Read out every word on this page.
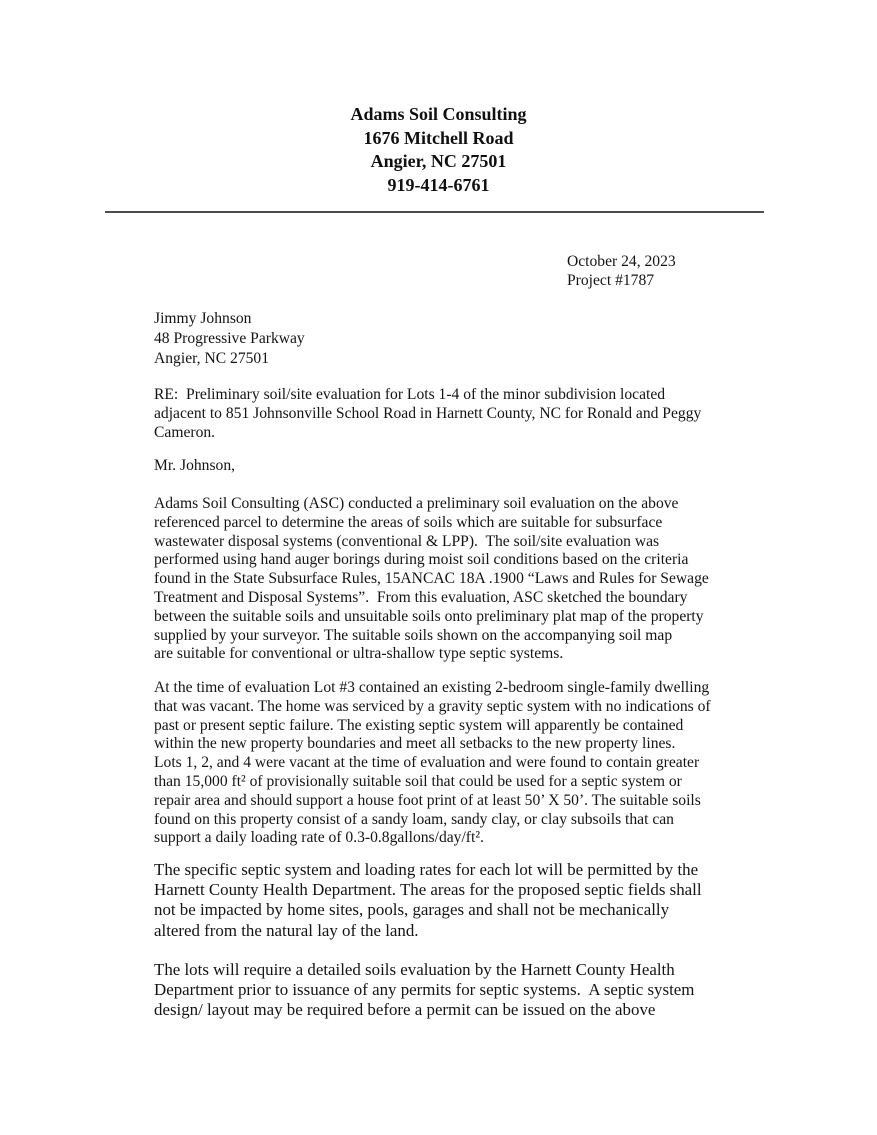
Adams Soil Consulting
1676 Mitchell Road
Angier, NC 27501
919-414-6761
October 24, 2023
Project #1787
Jimmy Johnson
48 Progressive Parkway
Angier, NC 27501

RE:  Preliminary soil/site evaluation for Lots 1-4 of the minor subdivision located
adjacent to 851 Johnsonville School Road in Harnett County, NC for Ronald and Peggy
Cameron.

Mr. Johnson,

Adams Soil Consulting (ASC) conducted a preliminary soil evaluation on the above
referenced parcel to determine the areas of soils which are suitable for subsurface
wastewater disposal systems (conventional & LPP).  The soil/site evaluation was
performed using hand auger borings during moist soil conditions based on the criteria
found in the State Subsurface Rules, 15ANCAC 18A .1900 “Laws and Rules for Sewage
Treatment and Disposal Systems”.  From this evaluation, ASC sketched the boundary
between the suitable soils and unsuitable soils onto preliminary plat map of the property
supplied by your surveyor. The suitable soils shown on the accompanying soil map
are suitable for conventional or ultra-shallow type septic systems.

At the time of evaluation Lot #3 contained an existing 2-bedroom single-family dwelling
that was vacant. The home was serviced by a gravity septic system with no indications of
past or present septic failure. The existing septic system will apparently be contained
within the new property boundaries and meet all setbacks to the new property lines.
Lots 1, 2, and 4 were vacant at the time of evaluation and were found to contain greater
than 15,000 ft² of provisionally suitable soil that could be used for a septic system or
repair area and should support a house foot print of at least 50’ X 50’. The suitable soils
found on this property consist of a sandy loam, sandy clay, or clay subsoils that can
support a daily loading rate of 0.3-0.8gallons/day/ft².

The specific septic system and loading rates for each lot will be permitted by the
Harnett County Health Department. The areas for the proposed septic fields shall
not be impacted by home sites, pools, garages and shall not be mechanically
altered from the natural lay of the land.

The lots will require a detailed soils evaluation by the Harnett County Health
Department prior to issuance of any permits for septic systems.  A septic system
design/ layout may be required before a permit can be issued on the above
